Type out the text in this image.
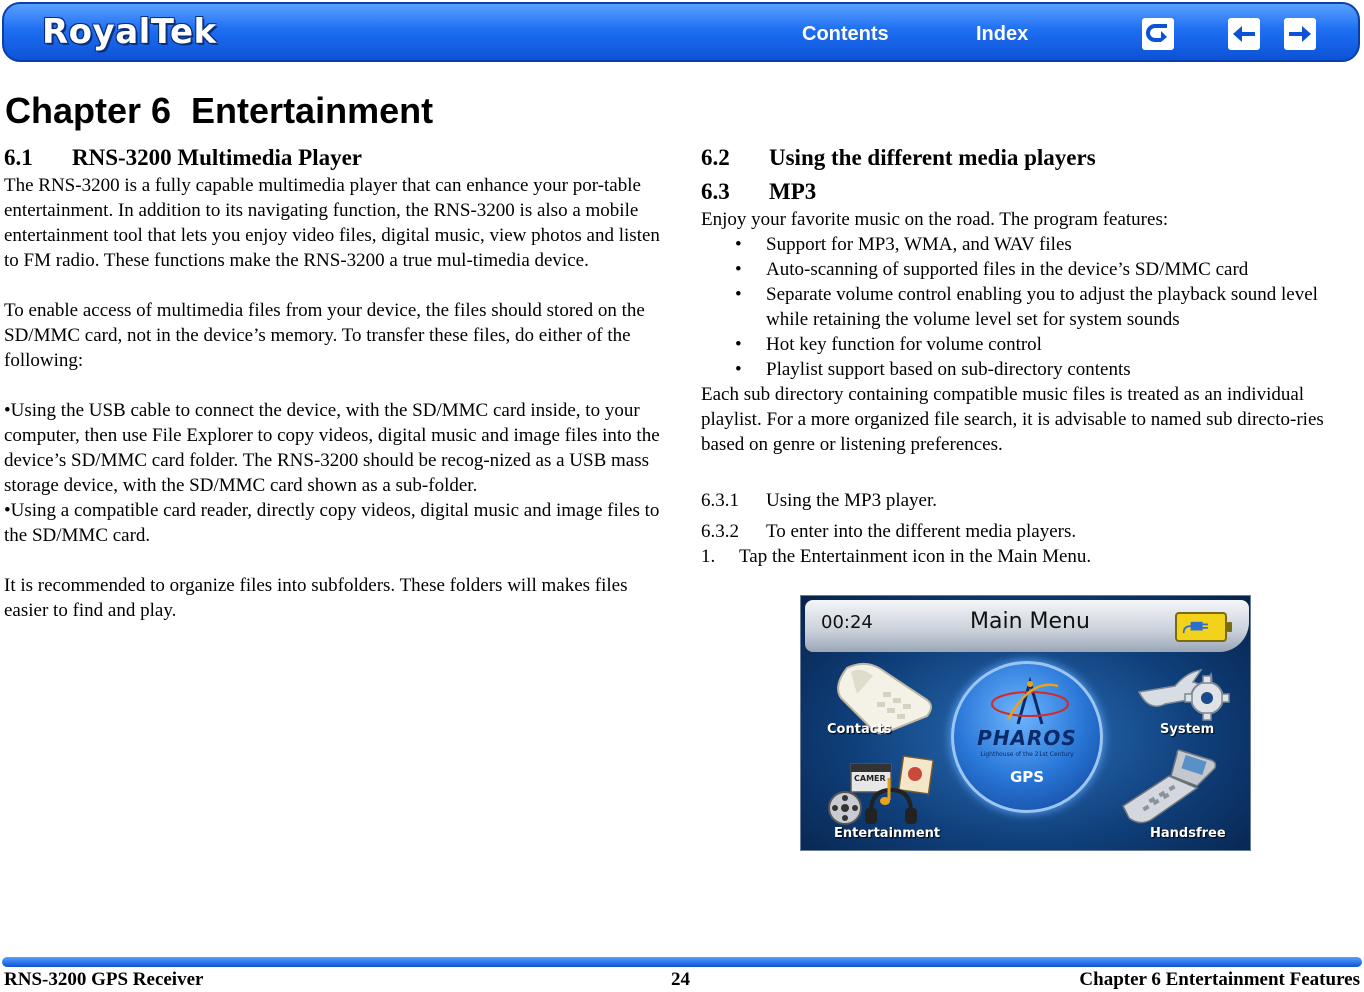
RoyalTek	Contents	Index
Chapter 6  Entertainment
6.1	RNS-3200 Multimedia Player

The RNS-3200 is a fully capable multimedia player that can enhance your por-table entertainment. In addition to its navigating function, the RNS-3200 is also a mobile entertainment tool that lets you enjoy video files, digital music, view photos and listen to FM radio. These functions make the RNS-3200 a true mul-timedia device.

To enable access of multimedia files from your device, the files should stored on the SD/MMC card, not in the device’s memory. To transfer these files, do either of the following:

•Using the USB cable to connect the device, with the SD/MMC card inside, to your computer, then use File Explorer to copy videos, digital music and image files into the device’s SD/MMC card folder. The RNS-3200 should be recog-nized as a USB mass storage device, with the SD/MMC card shown as a sub-folder.

•Using a compatible card reader, directly copy videos, digital music and image files to the SD/MMC card.

It is recommended to organize files into subfolders. These folders will makes files easier to find and play.

6.2	Using the different media players
6.3	MP3

Enjoy your favorite music on the road. The program features:

• Support for MP3, WMA, and WAV files
• Auto-scanning of supported files in the device’s SD/MMC card
• Separate volume control enabling you to adjust the playback sound level while retaining the volume level set for system sounds
• Hot key function for volume control
• Playlist support based on sub-directory contents

Each sub directory containing compatible music files is treated as an individual playlist. For a more organized file search, it is advisable to named sub directo-ries based on genre or listening preferences.

6.3.1	Using the MP3 player.
6.3.2	To enter into the different media players.
1.	Tap the Entertainment icon in the Main Menu.
00:24	Main Menu
Contacts	System
PHAROS
Lighthouse of the 21st Century
GPS
CAMER
Entertainment	Handsfree
RNS-3200 GPS Receiver	24	Chapter 6 Entertainment Features
